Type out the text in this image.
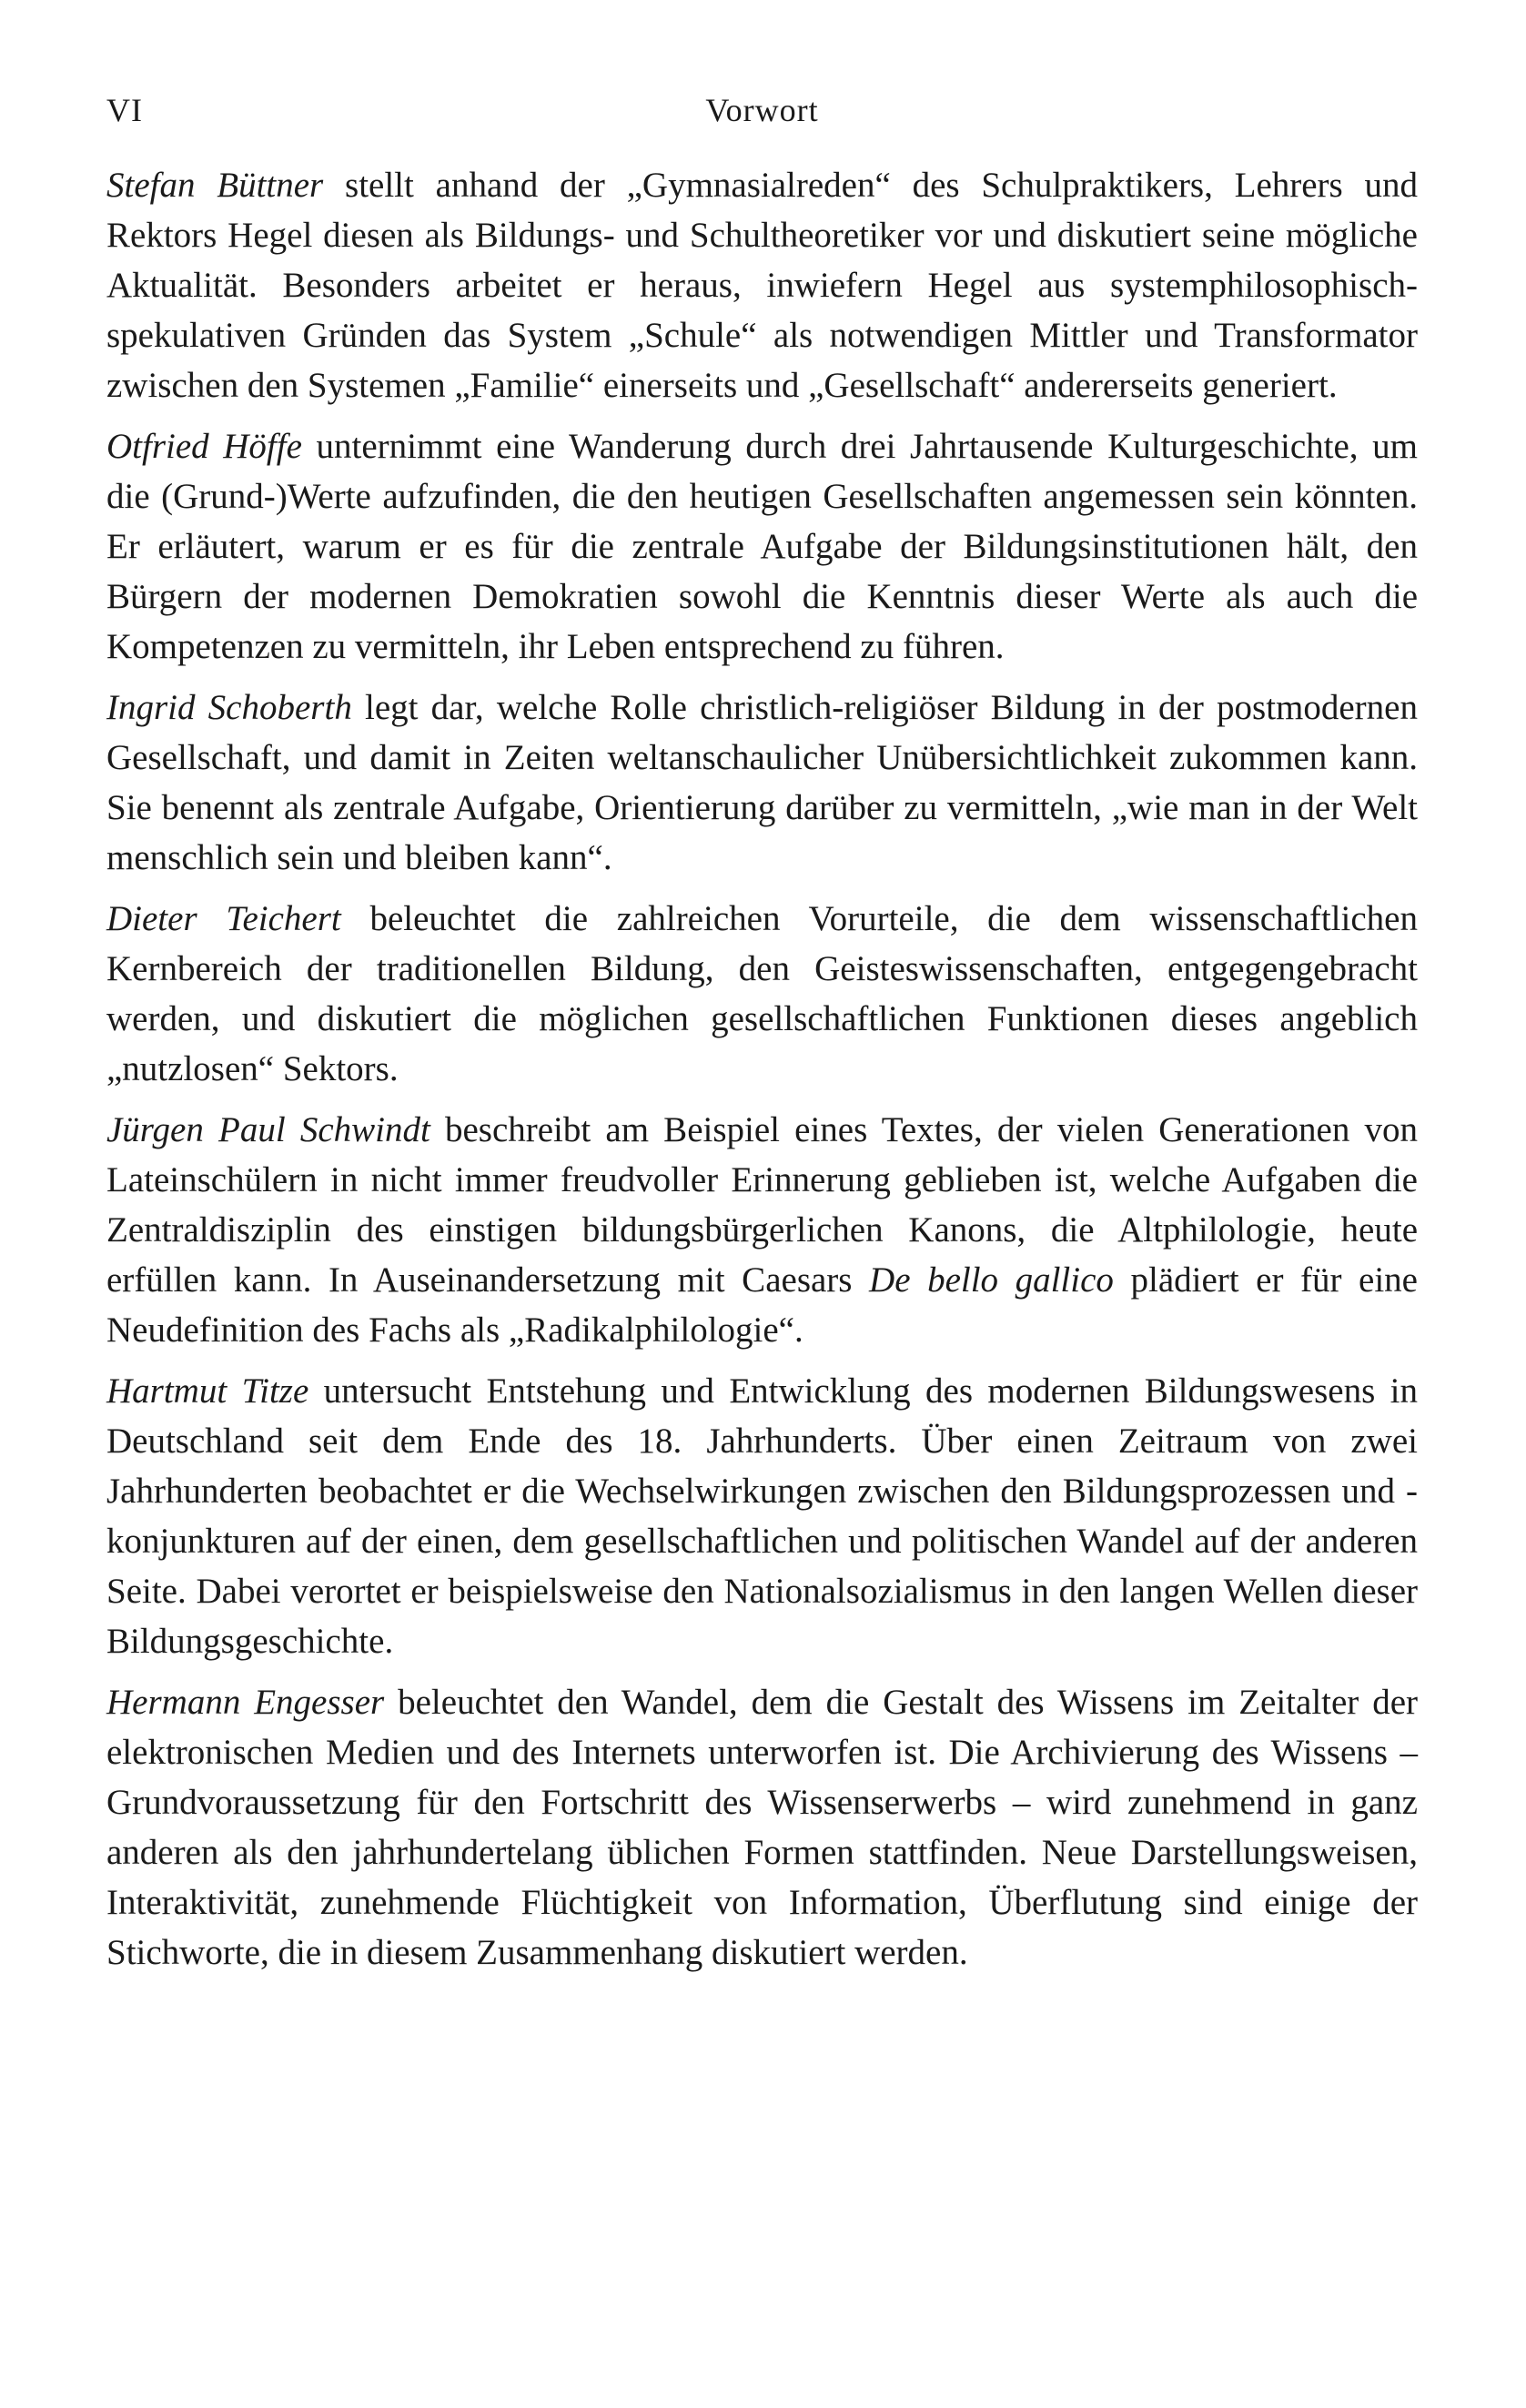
VI	Vorwort

Stefan Büttner stellt anhand der „Gymnasialreden“ des Schulpraktikers, Lehrers und Rektors Hegel diesen als Bildungs- und Schultheoretiker vor und diskutiert seine mögliche Aktualität. Besonders arbeitet er heraus, inwiefern Hegel aus systemphilosophisch-spekulativen Gründen das System „Schule“ als notwendigen Mittler und Transformator zwischen den Systemen „Familie“ einerseits und „Gesellschaft“ andererseits generiert.

Otfried Höffe unternimmt eine Wanderung durch drei Jahrtausende Kulturgeschichte, um die (Grund-)Werte aufzufinden, die den heutigen Gesellschaften angemessen sein könnten. Er erläutert, warum er es für die zentrale Aufgabe der Bildungsinstitutionen hält, den Bürgern der modernen Demokratien sowohl die Kenntnis dieser Werte als auch die Kompetenzen zu vermitteln, ihr Leben entsprechend zu führen.

Ingrid Schoberth legt dar, welche Rolle christlich-religiöser Bildung in der postmodernen Gesellschaft, und damit in Zeiten weltanschaulicher Unübersichtlichkeit zukommen kann. Sie benennt als zentrale Aufgabe, Orientierung darüber zu vermitteln, „wie man in der Welt menschlich sein und bleiben kann“.

Dieter Teichert beleuchtet die zahlreichen Vorurteile, die dem wissenschaftlichen Kernbereich der traditionellen Bildung, den Geisteswissenschaften, entgegengebracht werden, und diskutiert die möglichen gesellschaftlichen Funktionen dieses angeblich „nutzlosen“ Sektors.

Jürgen Paul Schwindt beschreibt am Beispiel eines Textes, der vielen Generationen von Lateinschülern in nicht immer freudvoller Erinnerung geblieben ist, welche Aufgaben die Zentraldisziplin des einstigen bildungsbürgerlichen Kanons, die Altphilologie, heute erfüllen kann. In Auseinandersetzung mit Caesars De bello gallico plädiert er für eine Neudefinition des Fachs als „Radikalphilologie“.

Hartmut Titze untersucht Entstehung und Entwicklung des modernen Bildungswesens in Deutschland seit dem Ende des 18. Jahrhunderts. Über einen Zeitraum von zwei Jahrhunderten beobachtet er die Wechselwirkungen zwischen den Bildungsprozessen und -konjunkturen auf der einen, dem gesellschaftlichen und politischen Wandel auf der anderen Seite. Dabei verortet er beispielsweise den Nationalsozialismus in den langen Wellen dieser Bildungsgeschichte.

Hermann Engesser beleuchtet den Wandel, dem die Gestalt des Wissens im Zeitalter der elektronischen Medien und des Internets unterworfen ist. Die Archivierung des Wissens – Grundvoraussetzung für den Fortschritt des Wissenserwerbs – wird zunehmend in ganz anderen als den jahrhundertelang üblichen Formen stattfinden. Neue Darstellungsweisen, Interaktivität, zunehmende Flüchtigkeit von Information, Überflutung sind einige der Stichworte, die in diesem Zusammenhang diskutiert werden.
